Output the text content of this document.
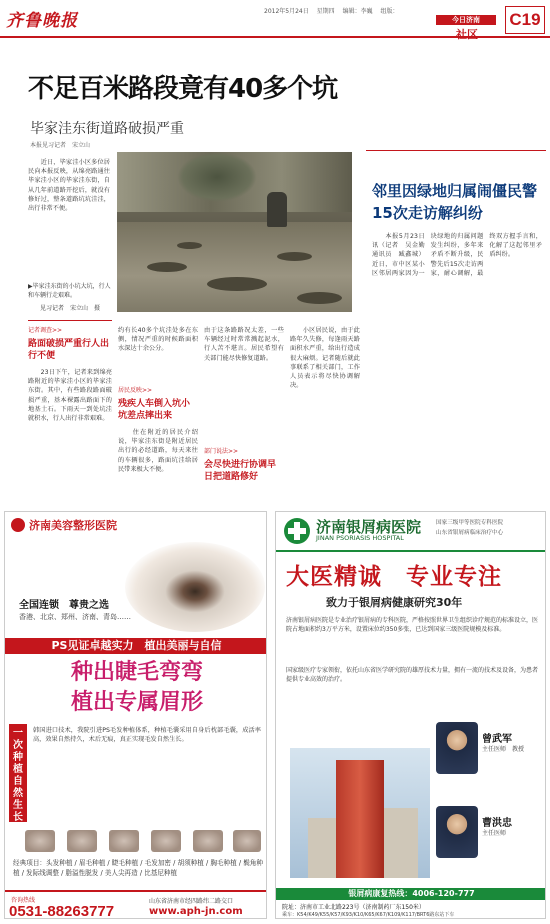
齐鲁晚报	2012年5月24日 星期四 编辑：李巍 组版：
今日济南
社区
C19
不足百米路段竟有40多个坑
毕家洼东街道路破损严重
本报见习记者　宋立山
　　近日，毕家洼小区多位居民向本报反映，从绵亮路通往毕家洼小区的毕家洼东街，自从几年前道路开挖后，就没有修好过，整条道路坑坑洼洼，出行非常不便。
▶毕家洼东街的小坑大坑，行人和车辆行走艰难。
见习记者　宋立山　摄
记者调查>>
路面破损严重行人出行不便
　　23日下午，记者来到绵亮路附近的毕家洼小区的毕家洼东街。其中，有些路段路面破损严重，基本裸露出路面下的地基土石。下雨天一到处坑洼就积水，行人出行非常艰难。
约有长40多个坑洼处多在东侧，情况严重的时候路面积水深达十余公分。
居民反映>>
残疾人车倒入坑小坑差点摔出来
　　住在附近的居民介绍说，毕家洼东街是附近居民出行的必经道路，每天来往的车辆很多，路面坑洼给居民带来极大不便。
由于这条路路况太差，一些车辆经过时常常溅起泥水，行人苦不堪言。居民希望有关部门能尽快修复道路。
部门说法>>
会尽快进行协调早日把道路修好
　　小区居民说，由于此路年久失修，每逢雨天路面积水严重，给出行造成很大麻烦。记者随后就此事联系了相关部门，工作人员表示将尽快协调解决。
邻里因绿地归属闹僵民警15次走访解纠纷
　　本报5月23日讯（记者　吴金勤　通讯员　臧鑫城）近日，市中区某小区邻居两家因为一块绿地的归属问题发生纠纷，多年来矛盾不断升级，民警先后15次走访两家，耐心调解，最终双方握手言和，化解了这起邻里矛盾纠纷。
济南美容整形医院
全国连锁　尊贵之选
香港、北京、郑州、济南、青岛……
PS见证卓越实力　植出美丽与自信
种出睫毛弯弯
植出专属眉形
一次种植自然生长
韩国进口技术，我院引进PS毛发种植体系，种植毛囊采用自身后枕部毛囊，成活率高，效果自然持久，术后无痕，真正实现毛发自然生长。
经典项目：头发种植 / 眉毛种植 / 睫毛种植 / 毛发加密 / 胡须种植 / 胸毛种植 / 鬓角种植 / 发际线调整 / 脂溢性脱发 / 美人尖再造 / 比基尼种植
咨询热线
0531-88263777
山东省济南市经四路纬二路交口
www.aph-jn.com
济南银屑病医院
JINAN PSORIASIS HOSPITAL
国家三级甲等医院专科医院
山东省银屑病临床治疗中心
大医精诚　专业专注
致力于银屑病健康研究30年
济南银屑病医院是专业治疗银屑病的专科医院，严格按照世界卫生组织诊疗规范的标准设立，医院占地面积约3万平方米，设置床位约350多张，已达到国家三级医院规模及标准。
国家级医疗专家领衔，依托山东省医学研究院的雄厚技术力量，拥有一流的技术及设备，为患者提供专业高效的治疗。
曾武军
主任医师　教授
曹洪忠
主任医师
银屑病康复热线：4006-120-777
院址：济南市工业北路223号（济南制药厂东150米）
乘车：K54/K49/K55/K57/K93/K10/K65/K67/K109/K117/BRT6路东站下车
